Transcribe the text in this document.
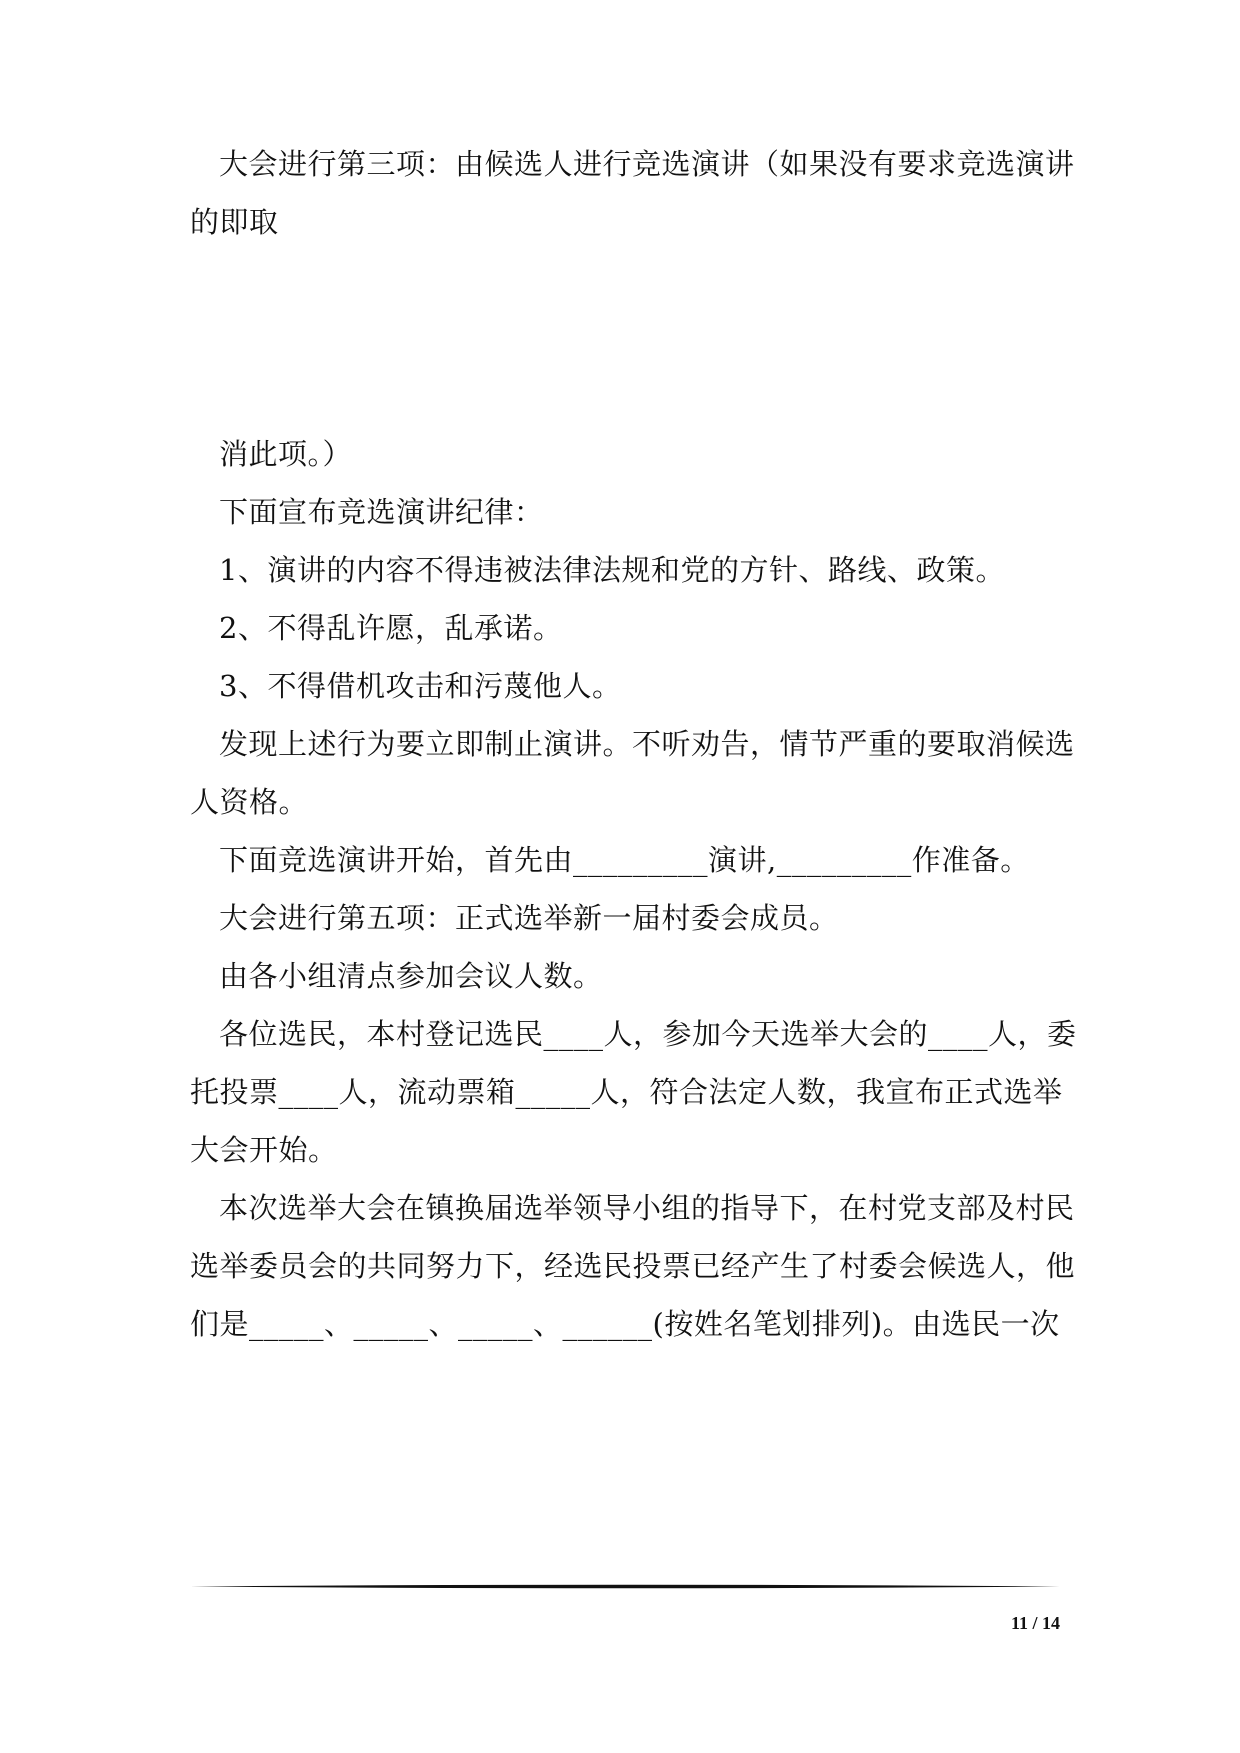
大会进行第三项：由候选人进行竞选演讲（如果没有要求竞选演讲
的即取
消此项。）
下面宣布竞选演讲纪律：
1、演讲的内容不得违被法律法规和党的方针、路线、政策。
2、不得乱许愿，乱承诺。
3、不得借机攻击和污蔑他人。
发现上述行为要立即制止演讲。不听劝告，情节严重的要取消候选
人资格。
下面竞选演讲开始，首先由_________演讲,_________作准备。
大会进行第五项：正式选举新一届村委会成员。
由各小组清点参加会议人数。
各位选民，本村登记选民____人，参加今天选举大会的____人，委
托投票____人，流动票箱_____人，符合法定人数，我宣布正式选举
大会开始。
本次选举大会在镇换届选举领导小组的指导下，在村党支部及村民
选举委员会的共同努力下，经选民投票已经产生了村委会候选人，他
们是_____、_____、_____、______(按姓名笔划排列)。由选民一次
11 / 14
